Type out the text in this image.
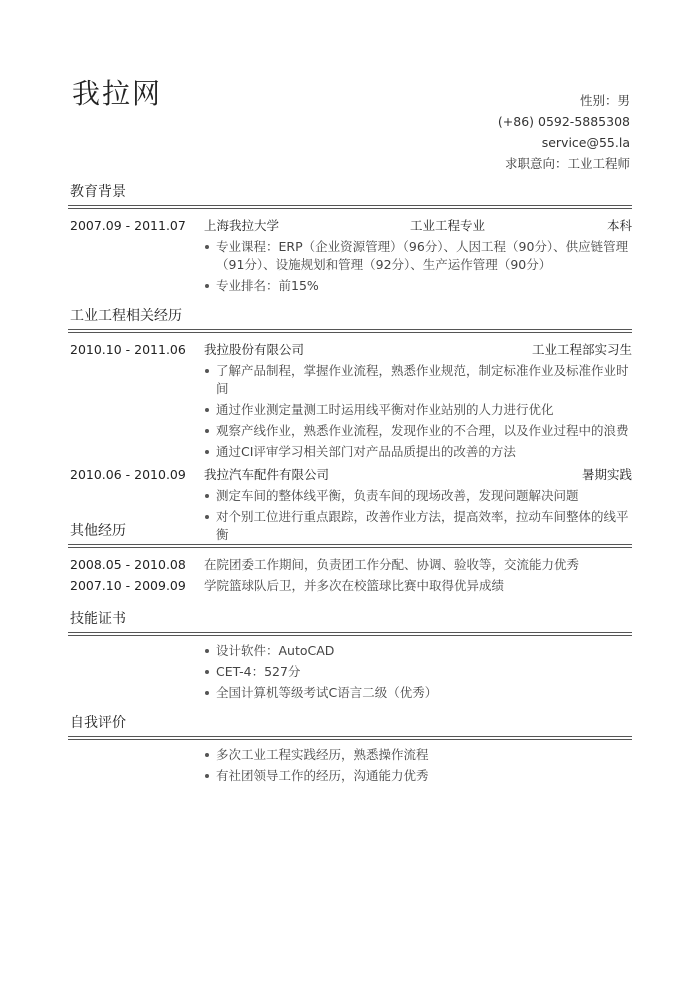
我拉网	性别：男
(+86) 0592-5885308
service@55.la
求职意向：工业工程师
教育背景
2007.09 - 2011.07 上海我拉大学	工业工程专业	本科
专业课程：ERP（企业资源管理）（96分）、人因工程（90分）、供应链管理（91分）、设施规划和管理（92分）、生产运作管理（90分）
专业排名：前15%
工业工程相关经历
2010.10 - 2011.06 我拉股份有限公司	工业工程部实习生
了解产品制程，掌握作业流程，熟悉作业规范，制定标准作业及标准作业时间
通过作业测定量测工时运用线平衡对作业站别的人力进行优化
观察产线作业，熟悉作业流程，发现作业的不合理，以及作业过程中的浪费
通过CI评审学习相关部门对产品品质提出的改善的方法
2010.06 - 2010.09 我拉汽车配件有限公司	暑期实践
测定车间的整体线平衡，负责车间的现场改善，发现问题解决问题
对个别工位进行重点跟踪，改善作业方法，提高效率，拉动车间整体的线平衡
其他经历
2008.05 - 2010.08 在院团委工作期间，负责团工作分配、协调、验收等，交流能力优秀
2007.10 - 2009.09 学院篮球队后卫，并多次在校篮球比赛中取得优异成绩
技能证书
设计软件：AutoCAD
CET-4：527分
全国计算机等级考试C语言二级（优秀）
自我评价
多次工业工程实践经历，熟悉操作流程
有社团领导工作的经历，沟通能力优秀
